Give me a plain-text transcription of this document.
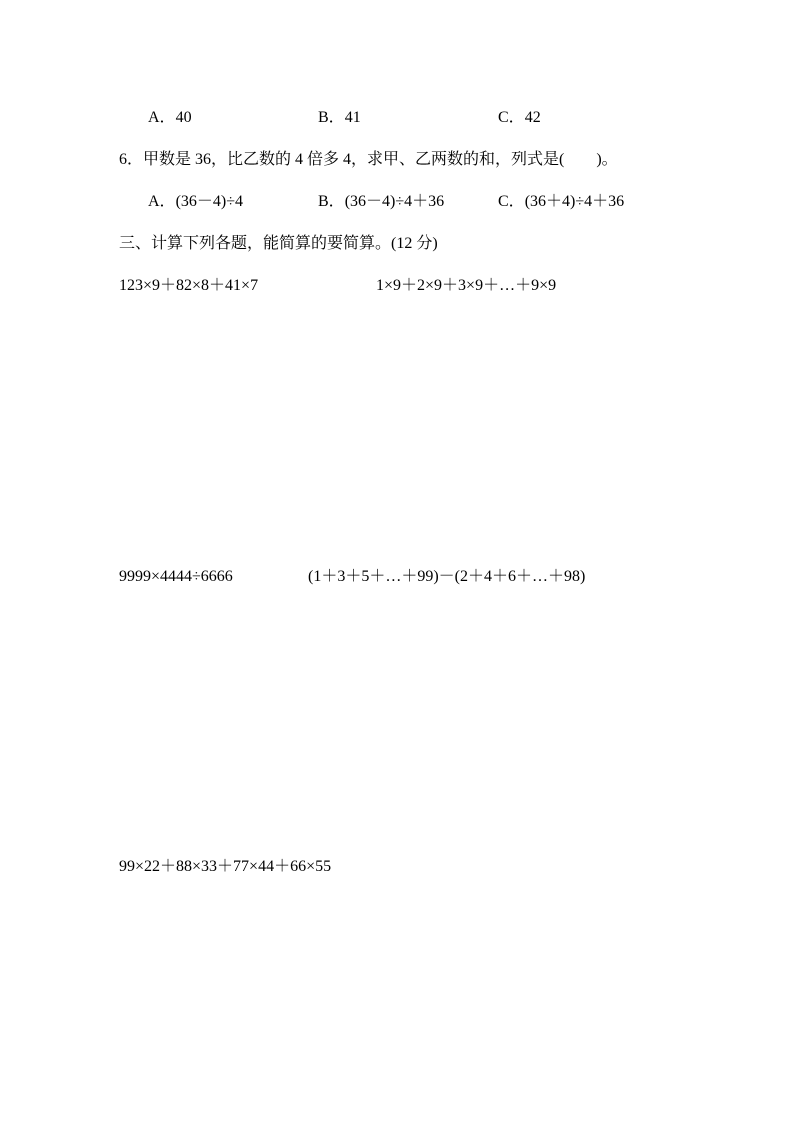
A．40	B．41	C．42
6．甲数是 36，比乙数的 4 倍多 4，求甲、乙两数的和，列式是(　　)。
A．(36－4)÷4	B．(36－4)÷4＋36	C．(36＋4)÷4＋36
三、计算下列各题，能简算的要简算。(12 分)
123×9＋82×8＋41×7	1×9＋2×9＋3×9＋…＋9×9
9999×4444÷6666	(1＋3＋5＋…＋99)－(2＋4＋6＋…＋98)
99×22＋88×33＋77×44＋66×55
